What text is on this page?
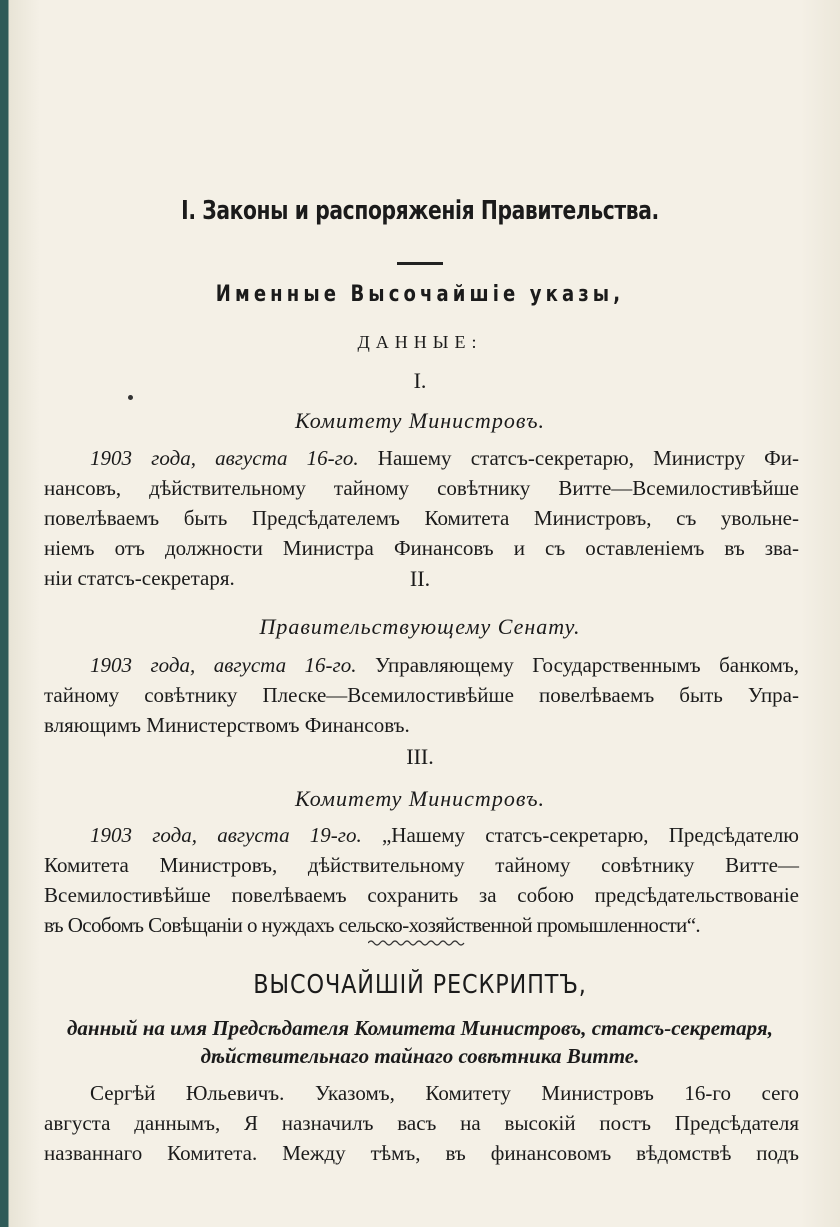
I. Законы и распоряженія Правительства.
Именные Высочайшіе указы,
ДАННЫЕ:
I.
Комитету Министровъ.
1903 года, августа 16-го. Нашему статсъ-секретарю, Министру Фи-
нансовъ, дѣйствительному тайному совѣтнику Витте—Всемилостивѣйше
повелѣваемъ быть Предсѣдателемъ Комитета Министровъ, съ увольне-
ніемъ отъ должности Министра Финансовъ и съ оставленіемъ въ зва-
ніи статсъ-секретаря.	II.
Правительствующему Сенату.
1903 года, августа 16-го. Управляющему Государственнымъ банкомъ,
тайному совѣтнику Плеске—Всемилостивѣйше повелѣваемъ быть Упра-
вляющимъ Министерствомъ Финансовъ.
III.
Комитету Министровъ.
1903 года, августа 19-го. „Нашему статсъ-секретарю, Предсѣдателю
Комитета Министровъ, дѣйствительному тайному совѣтнику Витте—
Всемилостивѣйше повелѣваемъ сохранить за собою предсѣдательствованіе
въ Особомъ Совѣщаніи о нуждахъ сельско-хозяйственной промышленности“.
ВЫСОЧАЙШІЙ РЕСКРИПТЪ,
данный на имя Предсѣдателя Комитета Министровъ, статсъ-секретаря,
дѣйствительнаго тайнаго совѣтника Витте.
Сергѣй Юльевичъ. Указомъ, Комитету Министровъ 16-го сего
августа даннымъ, Я назначилъ васъ на высокій постъ Предсѣдателя
названнаго Комитета. Между тѣмъ, въ финансовомъ вѣдомствѣ подъ
